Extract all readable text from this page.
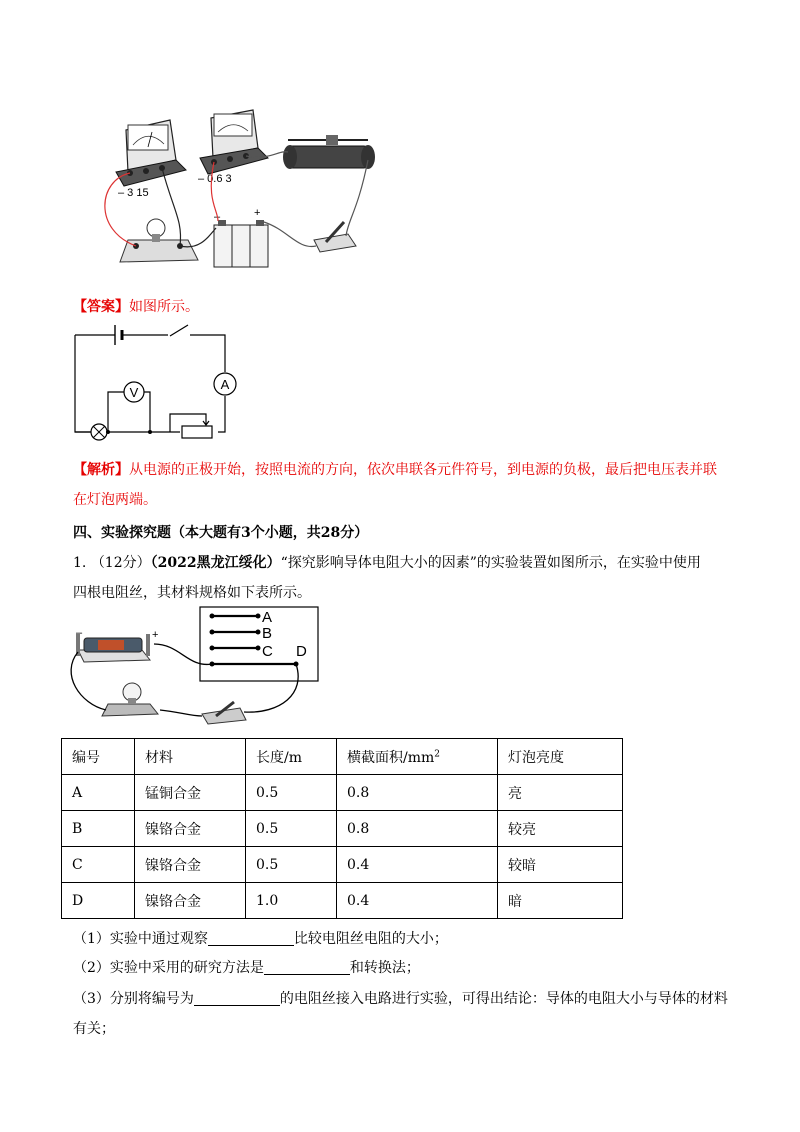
– 3 15
– 0.6 3
–	+
【答案】如图所示。
V
A
【解析】从电源的正极开始，按照电流的方向，依次串联各元件符号，到电源的负极，最后把电压表并联
在灯泡两端。
四、实验探究题（本大题有3个小题，共28分）
1. （12分）（2022黑龙江绥化）“探究影响导体电阻大小的因素”的实验装置如图所示，在实验中使用
四根电阻丝，其材料规格如下表所示。
A
B
C D
–	+
编号	材料	长度/m	横截面积$/mm^2$	灯泡亮度
A	锰铜合金	0.5	0.8	亮
B	镍铬合金	0.5	0.8	较亮
C	镍铬合金	0.5	0.4	较暗
D	镍铬合金	1.0	0.4	暗
（1）实验中通过观察	比较电阻丝电阻的大小；
（2）实验中采用的研究方法是	和转换法；
（3）分别将编号为	的电阻丝接入电路进行实验，可得出结论：导体的电阻大小与导体的材料
有关；
